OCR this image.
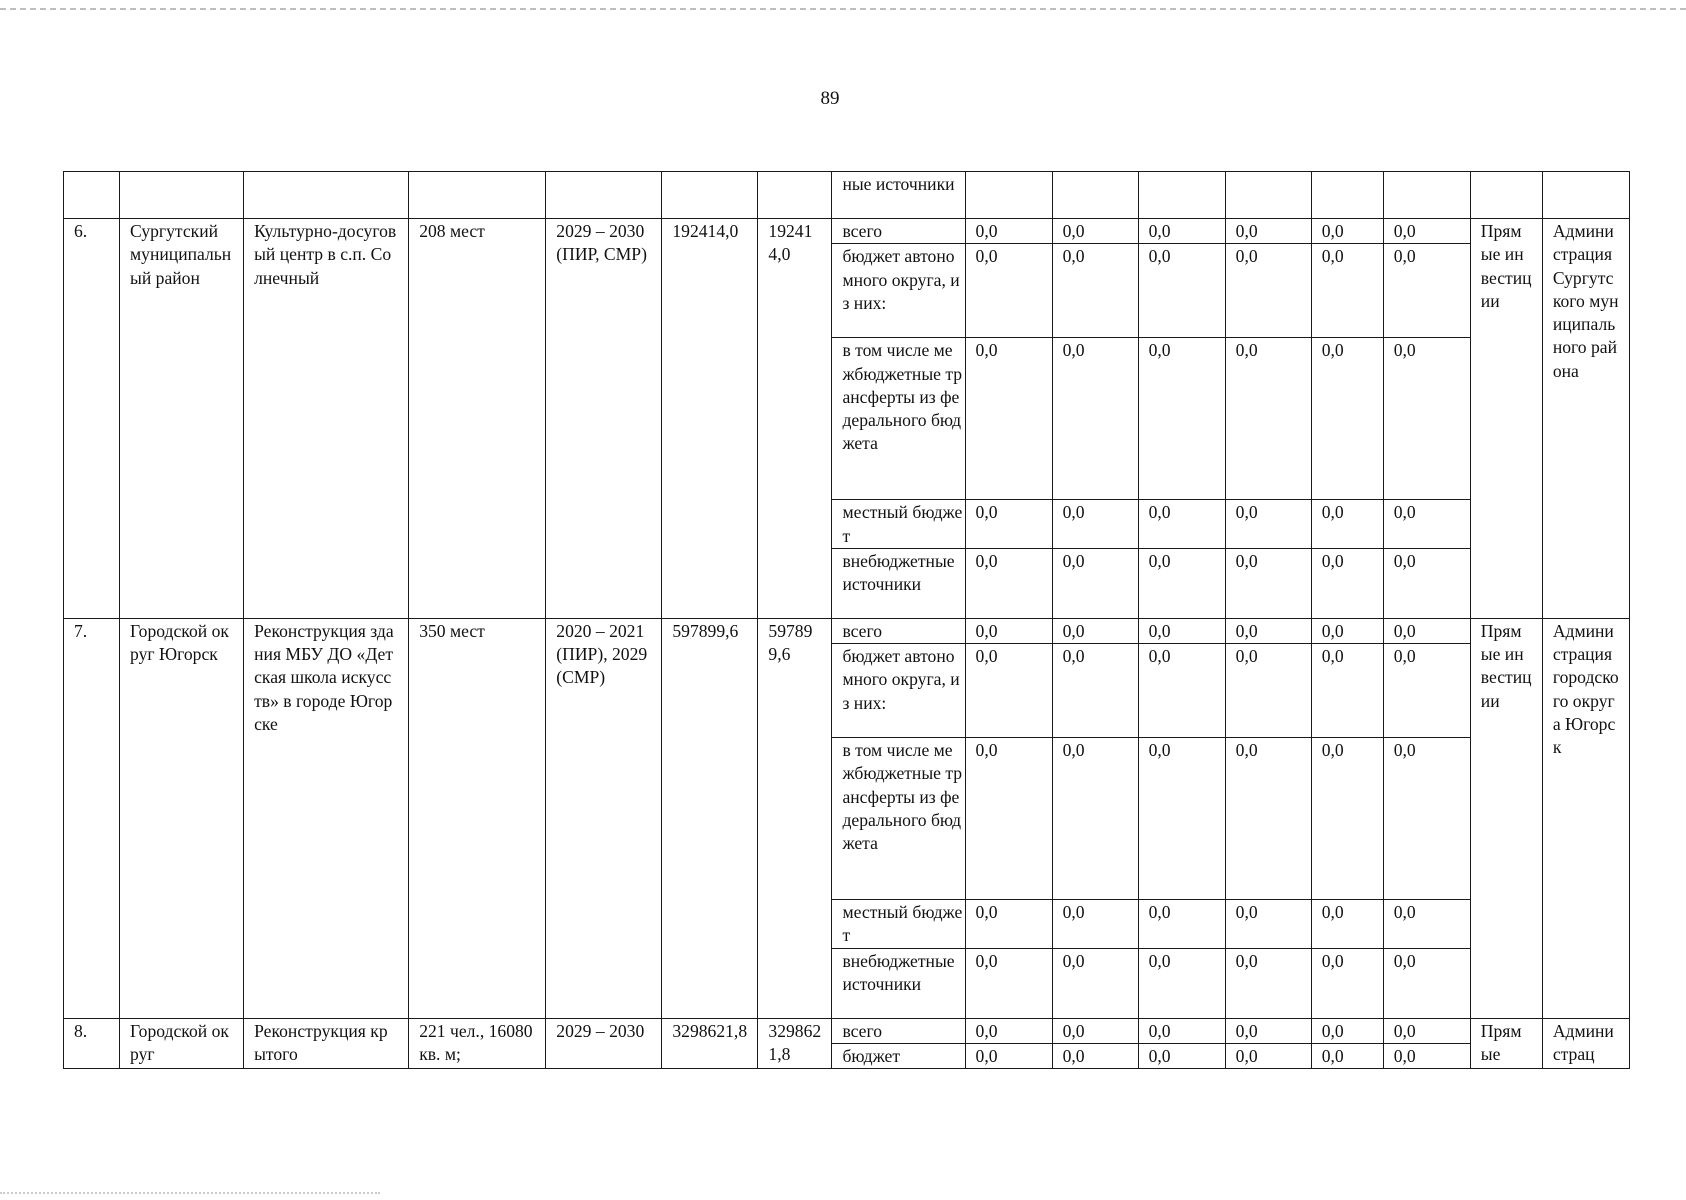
89
							ные источники								
6.	Сургутский муниципальный район	Культурно-досуговый центр в с.п. Солнечный	208 мест	2029 – 2030 (ПИР, СМР)	192414,0	192414,0	всего	0,0	0,0	0,0	0,0	0,0	0,0	Прямые инвестиции	Администрация Сургутского муниципального района
							бюджет автономного округа, из них:	0,0	0,0	0,0	0,0	0,0	0,0		
							в том числе межбюджетные трансферты из федерального бюджета	0,0	0,0	0,0	0,0	0,0	0,0		
							местный бюджет	0,0	0,0	0,0	0,0	0,0	0,0		
							внебюджетные источники	0,0	0,0	0,0	0,0	0,0	0,0		
7.	Городской округ Югорск	Реконструкция здания МБУ ДО «Детская школа искусств» в городе Югорске	350 мест	2020 – 2021 (ПИР), 2029 (СМР)	597899,6	597899,6	всего	0,0	0,0	0,0	0,0	0,0	0,0	Прямые инвестиции	Администрация городского округа Югорск
							бюджет автономного округа, из них:	0,0	0,0	0,0	0,0	0,0	0,0		
							в том числе межбюджетные трансферты из федерального бюджета	0,0	0,0	0,0	0,0	0,0	0,0		
							местный бюджет	0,0	0,0	0,0	0,0	0,0	0,0		
							внебюджетные источники	0,0	0,0	0,0	0,0	0,0	0,0		
8.	Городской округ	Реконструкция крытого	221 чел., 16080 кв. м;	2029 – 2030	3298621,8	3298621,8	всего	0,0	0,0	0,0	0,0	0,0	0,0	Прямые	Администрац
							бюджет	0,0	0,0	0,0	0,0	0,0	0,0		
